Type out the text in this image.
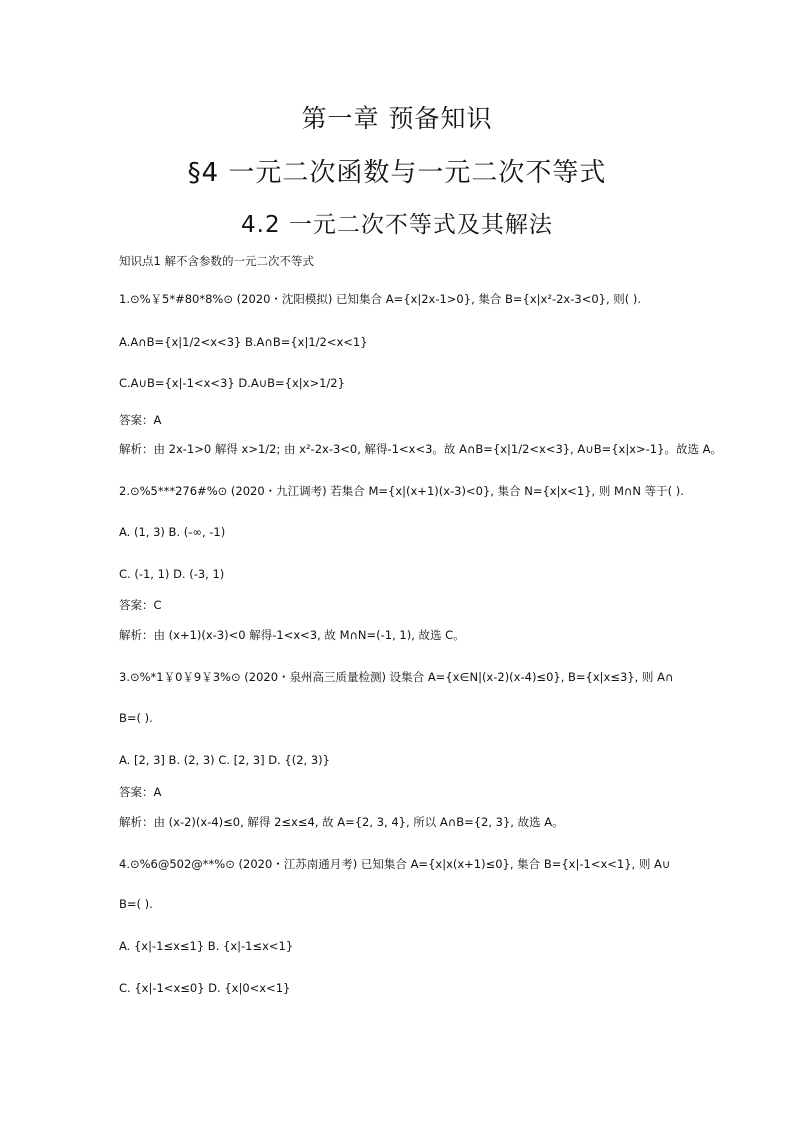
第一章 预备知识
§4 一元二次函数与一元二次不等式
4.2 一元二次不等式及其解法
知识点1 解不含参数的一元二次不等式
1.⊙%￥5*#80*8%⊙ (2020・沈阳模拟) 已知集合 A={x|2x-1>0}, 集合 B={x|x²-2x-3<0}, 则( ).
A.A∩B={x|1/2<x<3} B.A∩B={x|1/2<x<1}
C.A∪B={x|-1<x<3} D.A∪B={x|x>1/2}
答案：A
解析：由 2x-1>0 解得 x>1/2; 由 x²-2x-3<0, 解得-1<x<3。故 A∩B={x|1/2<x<3}, A∪B={x|x>-1}。故选 A。
2.⊙%5***276#%⊙ (2020・九江调考) 若集合 M={x|(x+1)(x-3)<0}, 集合 N={x|x<1}, 则 M∩N 等于( ).
A. (1, 3) B. (-∞, -1)
C. (-1, 1) D. (-3, 1)
答案：C
解析：由 (x+1)(x-3)<0 解得-1<x<3, 故 M∩N=(-1, 1), 故选 C。
3.⊙%*1￥0￥9￥3%⊙ (2020・泉州高三质量检测) 设集合 A={x∈N|(x-2)(x-4)≤0}, B={x|x≤3}, 则 A∩
B=( ).
A. [2, 3] B. (2, 3) C. [2, 3] D. {(2, 3)}
答案：A
解析：由 (x-2)(x-4)≤0, 解得 2≤x≤4, 故 A={2, 3, 4}, 所以 A∩B={2, 3}, 故选 A。
4.⊙%6@502@**%⊙ (2020・江苏南通月考) 已知集合 A={x|x(x+1)≤0}, 集合 B={x|-1<x<1}, 则 A∪
B=( ).
A. {x|-1≤x≤1} B. {x|-1≤x<1}
C. {x|-1<x≤0} D. {x|0<x<1}
